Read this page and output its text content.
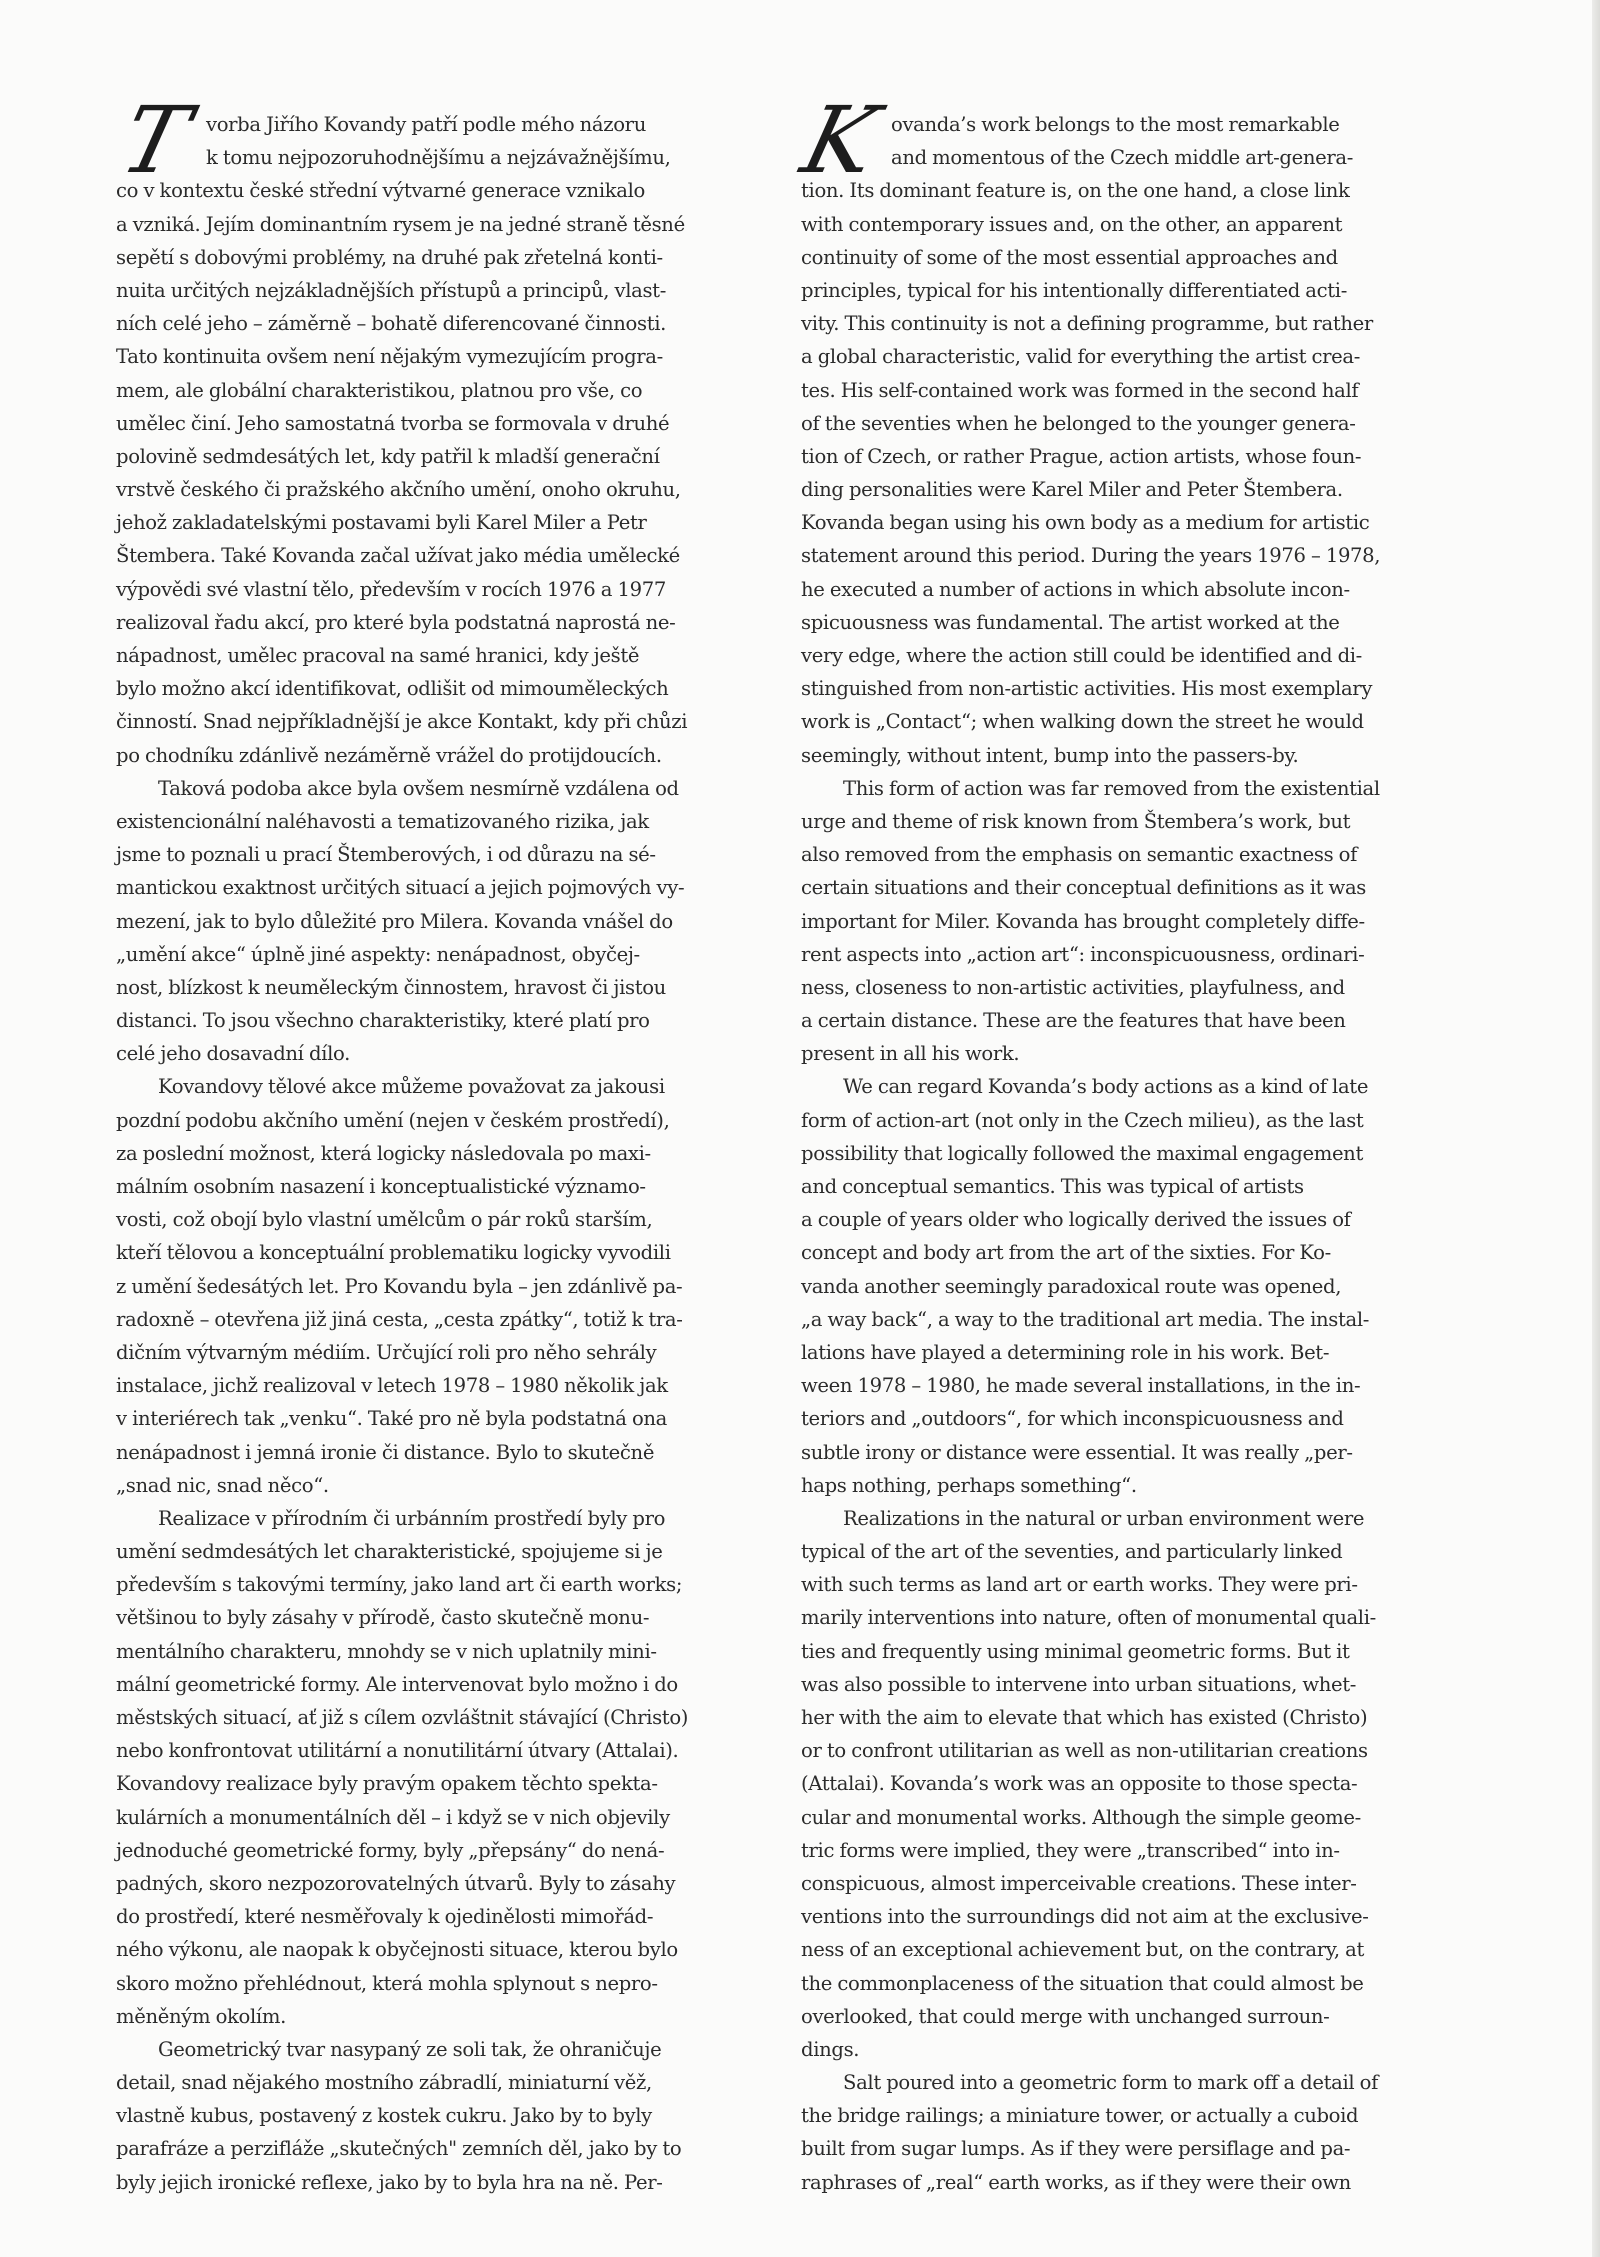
T vorba Jiřího Kovandy patří podle mého názoru
k tomu nejpozoruhodnějšímu a nejzávažnějšímu,
co v kontextu české střední výtvarné generace vznikalo
a vzniká. Jejím dominantním rysem je na jedné straně těsné
sepětí s dobovými problémy, na druhé pak zřetelná konti-
nuita určitých nejzákladnějších přístupů a principů, vlast-
ních celé jeho – záměrně – bohatě diferencované činnosti.
Tato kontinuita ovšem není nějakým vymezujícím progra-
mem, ale globální charakteristikou, platnou pro vše, co
umělec činí. Jeho samostatná tvorba se formovala v druhé
polovině sedmdesátých let, kdy patřil k mladší generační
vrstvě českého či pražského akčního umění, onoho okruhu,
jehož zakladatelskými postavami byli Karel Miler a Petr
Štembera. Také Kovanda začal užívat jako média umělecké
výpovědi své vlastní tělo, především v rocích 1976 a 1977
realizoval řadu akcí, pro které byla podstatná naprostá ne-
nápadnost, umělec pracoval na samé hranici, kdy ještě
bylo možno akcí identifikovat, odlišit od mimouměleckých
činností. Snad nejpříkladnější je akce Kontakt, kdy při chůzi
po chodníku zdánlivě nezáměrně vrážel do protijdoucích.
Taková podoba akce byla ovšem nesmírně vzdálena od
existencionální naléhavosti a tematizovaného rizika, jak
jsme to poznali u prací Štemberových, i od důrazu na sé-
mantickou exaktnost určitých situací a jejich pojmových vy-
mezení, jak to bylo důležité pro Milera. Kovanda vnášel do
„umění akce“ úplně jiné aspekty: nenápadnost, obyčej-
nost, blízkost k neuměleckým činnostem, hravost či jistou
distanci. To jsou všechno charakteristiky, které platí pro
celé jeho dosavadní dílo.
Kovandovy tělové akce můžeme považovat za jakousi
pozdní podobu akčního umění (nejen v českém prostředí),
za poslední možnost, která logicky následovala po maxi-
málním osobním nasazení i konceptualistické významo-
vosti, což obojí bylo vlastní umělcům o pár roků starším,
kteří tělovou a konceptuální problematiku logicky vyvodili
z umění šedesátých let. Pro Kovandu byla – jen zdánlivě pa-
radoxně – otevřena již jiná cesta, „cesta zpátky“, totiž k tra-
dičním výtvarným médiím. Určující roli pro něho sehrály
instalace, jichž realizoval v letech 1978 – 1980 několik jak
v interiérech tak „venku“. Také pro ně byla podstatná ona
nenápadnost i jemná ironie či distance. Bylo to skutečně
„snad nic, snad něco“.
Realizace v přírodním či urbánním prostředí byly pro
umění sedmdesátých let charakteristické, spojujeme si je
především s takovými termíny, jako land art či earth works;
většinou to byly zásahy v přírodě, často skutečně monu-
mentálního charakteru, mnohdy se v nich uplatnily mini-
mální geometrické formy. Ale intervenovat bylo možno i do
městských situací, ať již s cílem ozvláštnit stávající (Christo)
nebo konfrontovat utilitární a nonutilitární útvary (Attalai).
Kovandovy realizace byly pravým opakem těchto spekta-
kulárních a monumentálních děl – i když se v nich objevily
jednoduché geometrické formy, byly „přepsány“ do nená-
padných, skoro nezpozorovatelných útvarů. Byly to zásahy
do prostředí, které nesměřovaly k ojedinělosti mimořád-
ného výkonu, ale naopak k obyčejnosti situace, kterou bylo
skoro možno přehlédnout, která mohla splynout s nepro-
měněným okolím.
Geometrický tvar nasypaný ze soli tak, že ohraničuje
detail, snad nějakého mostního zábradlí, miniaturní věž,
vlastně kubus, postavený z kostek cukru. Jako by to byly
parafráze a perzifláže „skutečných" zemních děl, jako by to
byly jejich ironické reflexe, jako by to byla hra na ně. Per-
K ovanda’s work belongs to the most remarkable
and momentous of the Czech middle art-genera-
tion. Its dominant feature is, on the one hand, a close link
with contemporary issues and, on the other, an apparent
continuity of some of the most essential approaches and
principles, typical for his intentionally differentiated acti-
vity. This continuity is not a defining programme, but rather
a global characteristic, valid for everything the artist crea-
tes. His self-contained work was formed in the second half
of the seventies when he belonged to the younger genera-
tion of Czech, or rather Prague, action artists, whose foun-
ding personalities were Karel Miler and Peter Štembera.
Kovanda began using his own body as a medium for artistic
statement around this period. During the years 1976 – 1978,
he executed a number of actions in which absolute incon-
spicuousness was fundamental. The artist worked at the
very edge, where the action still could be identified and di-
stinguished from non-artistic activities. His most exemplary
work is „Contact“; when walking down the street he would
seemingly, without intent, bump into the passers-by.
This form of action was far removed from the existential
urge and theme of risk known from Štembera’s work, but
also removed from the emphasis on semantic exactness of
certain situations and their conceptual definitions as it was
important for Miler. Kovanda has brought completely diffe-
rent aspects into „action art“: inconspicuousness, ordinari-
ness, closeness to non-artistic activities, playfulness, and
a certain distance. These are the features that have been
present in all his work.
We can regard Kovanda’s body actions as a kind of late
form of action-art (not only in the Czech milieu), as the last
possibility that logically followed the maximal engagement
and conceptual semantics. This was typical of artists
a couple of years older who logically derived the issues of
concept and body art from the art of the sixties. For Ko-
vanda another seemingly paradoxical route was opened,
„a way back“, a way to the traditional art media. The instal-
lations have played a determining role in his work. Bet-
ween 1978 – 1980, he made several installations, in the in-
teriors and „outdoors“, for which inconspicuousness and
subtle irony or distance were essential. It was really „per-
haps nothing, perhaps something“.
Realizations in the natural or urban environment were
typical of the art of the seventies, and particularly linked
with such terms as land art or earth works. They were pri-
marily interventions into nature, often of monumental quali-
ties and frequently using minimal geometric forms. But it
was also possible to intervene into urban situations, whet-
her with the aim to elevate that which has existed (Christo)
or to confront utilitarian as well as non-utilitarian creations
(Attalai). Kovanda’s work was an opposite to those specta-
cular and monumental works. Although the simple geome-
tric forms were implied, they were „transcribed“ into in-
conspicuous, almost imperceivable creations. These inter-
ventions into the surroundings did not aim at the exclusive-
ness of an exceptional achievement but, on the contrary, at
the commonplaceness of the situation that could almost be
overlooked, that could merge with unchanged surroun-
dings.
Salt poured into a geometric form to mark off a detail of
the bridge railings; a miniature tower, or actually a cuboid
built from sugar lumps. As if they were persiflage and pa-
raphrases of „real“ earth works, as if they were their own
